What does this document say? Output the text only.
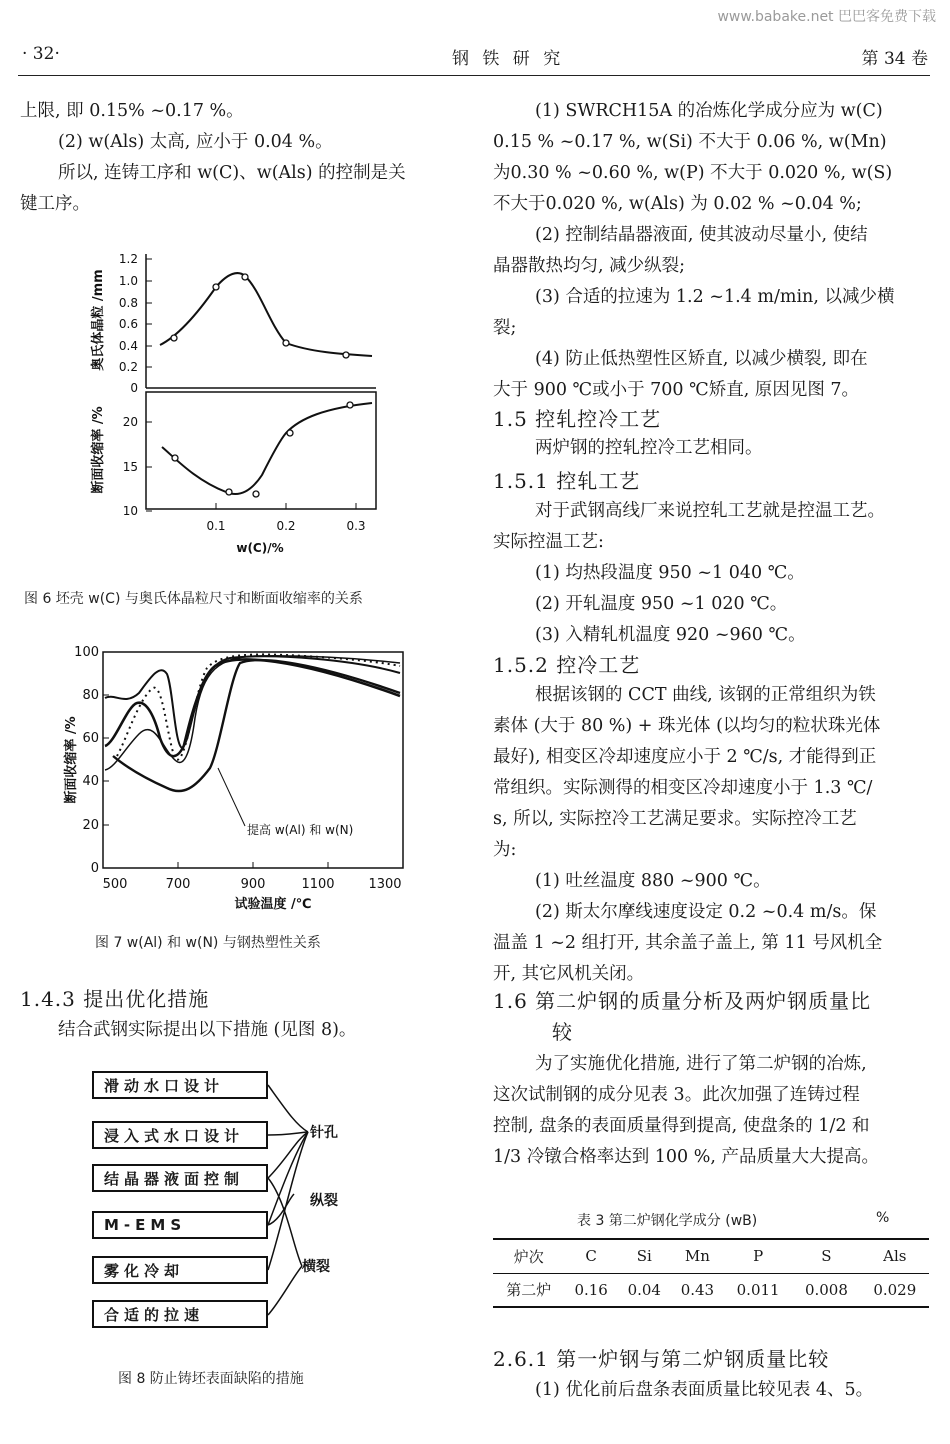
www.babake.net 巴巴客免费下载
· 32·	钢 铁 研 究	第 34 卷
上限, 即 0.15% ~0.17 %。
(2) w(Als) 太高, 应小于 0.04 %。
所以, 连铸工序和 w(C)、w(Als) 的控制是关
键工序。
1.2
1.0
0.8
0.6
0.4
0.2
0
20
15
10
0.1	0.2	0.3
w(C)/%
奥氏体晶粒 /mm
断面收缩率 /%
图 6 坯壳 w(C) 与奥氏体晶粒尺寸和断面收缩率的关系
100
80
60
40
20
0
500	700	900	1100	1300
试验温度 /℃
断面收缩率 /%
提高 w(Al) 和 w(N)
图 7 w(Al) 和 w(N) 与钢热塑性关系
1.4.3 提出优化措施
结合武钢实际提出以下措施 (见图 8)。
滑动水口设计
浸入式水口设计
结晶器液面控制
M-EMS
雾化冷却
合适的拉速
针孔
纵裂
横裂
图 8 防止铸坯表面缺陷的措施
(1) SWRCH15A 的冶炼化学成分应为 w(C)
0.15 % ~0.17 %, w(Si) 不大于 0.06 %, w(Mn)
为0.30 % ~0.60 %, w(P) 不大于 0.020 %, w(S)
不大于0.020 %, w(Als) 为 0.02 % ~0.04 %;
(2) 控制结晶器液面, 使其波动尽量小, 使结
晶器散热均匀, 减少纵裂;
(3) 合适的拉速为 1.2 ~1.4 m/min, 以减少横
裂;
(4) 防止低热塑性区矫直, 以减少横裂, 即在
大于 900 ℃或小于 700 ℃矫直, 原因见图 7。
1.5 控轧控冷工艺
两炉钢的控轧控冷工艺相同。
1.5.1 控轧工艺
对于武钢高线厂来说控轧工艺就是控温工艺。
实际控温工艺:
(1) 均热段温度 950 ~1 040 ℃。
(2) 开轧温度 950 ~1 020 ℃。
(3) 入精轧机温度 920 ~960 ℃。
1.5.2 控冷工艺
根据该钢的 CCT 曲线, 该钢的正常组织为铁
素体 (大于 80 %) + 珠光体 (以均匀的粒状珠光体
最好), 相变区冷却速度应小于 2 ℃/s, 才能得到正
常组织。实际测得的相变区冷却速度小于 1.3 ℃/
s, 所以, 实际控冷工艺满足要求。实际控冷工艺
为:
(1) 吐丝温度 880 ~900 ℃。
(2) 斯太尔摩线速度设定 0.2 ~0.4 m/s。保
温盖 1 ~2 组打开, 其余盖子盖上, 第 11 号风机全
开, 其它风机关闭。
1.6 第二炉钢的质量分析及两炉钢质量比
较
为了实施优化措施, 进行了第二炉钢的冶炼,
这次试制钢的成分见表 3。此次加强了连铸过程
控制, 盘条的表面质量得到提高, 使盘条的 1/2 和
1/3 冷镦合格率达到 100 %, 产品质量大大提高。
表 3 第二炉钢化学成分 (wB)	%
炉次	C	Si	Mn	P	S	Als
第二炉	0.16	0.04	0.43	0.011	0.008	0.029
2.6.1 第一炉钢与第二炉钢质量比较
(1) 优化前后盘条表面质量比较见表 4、5。
